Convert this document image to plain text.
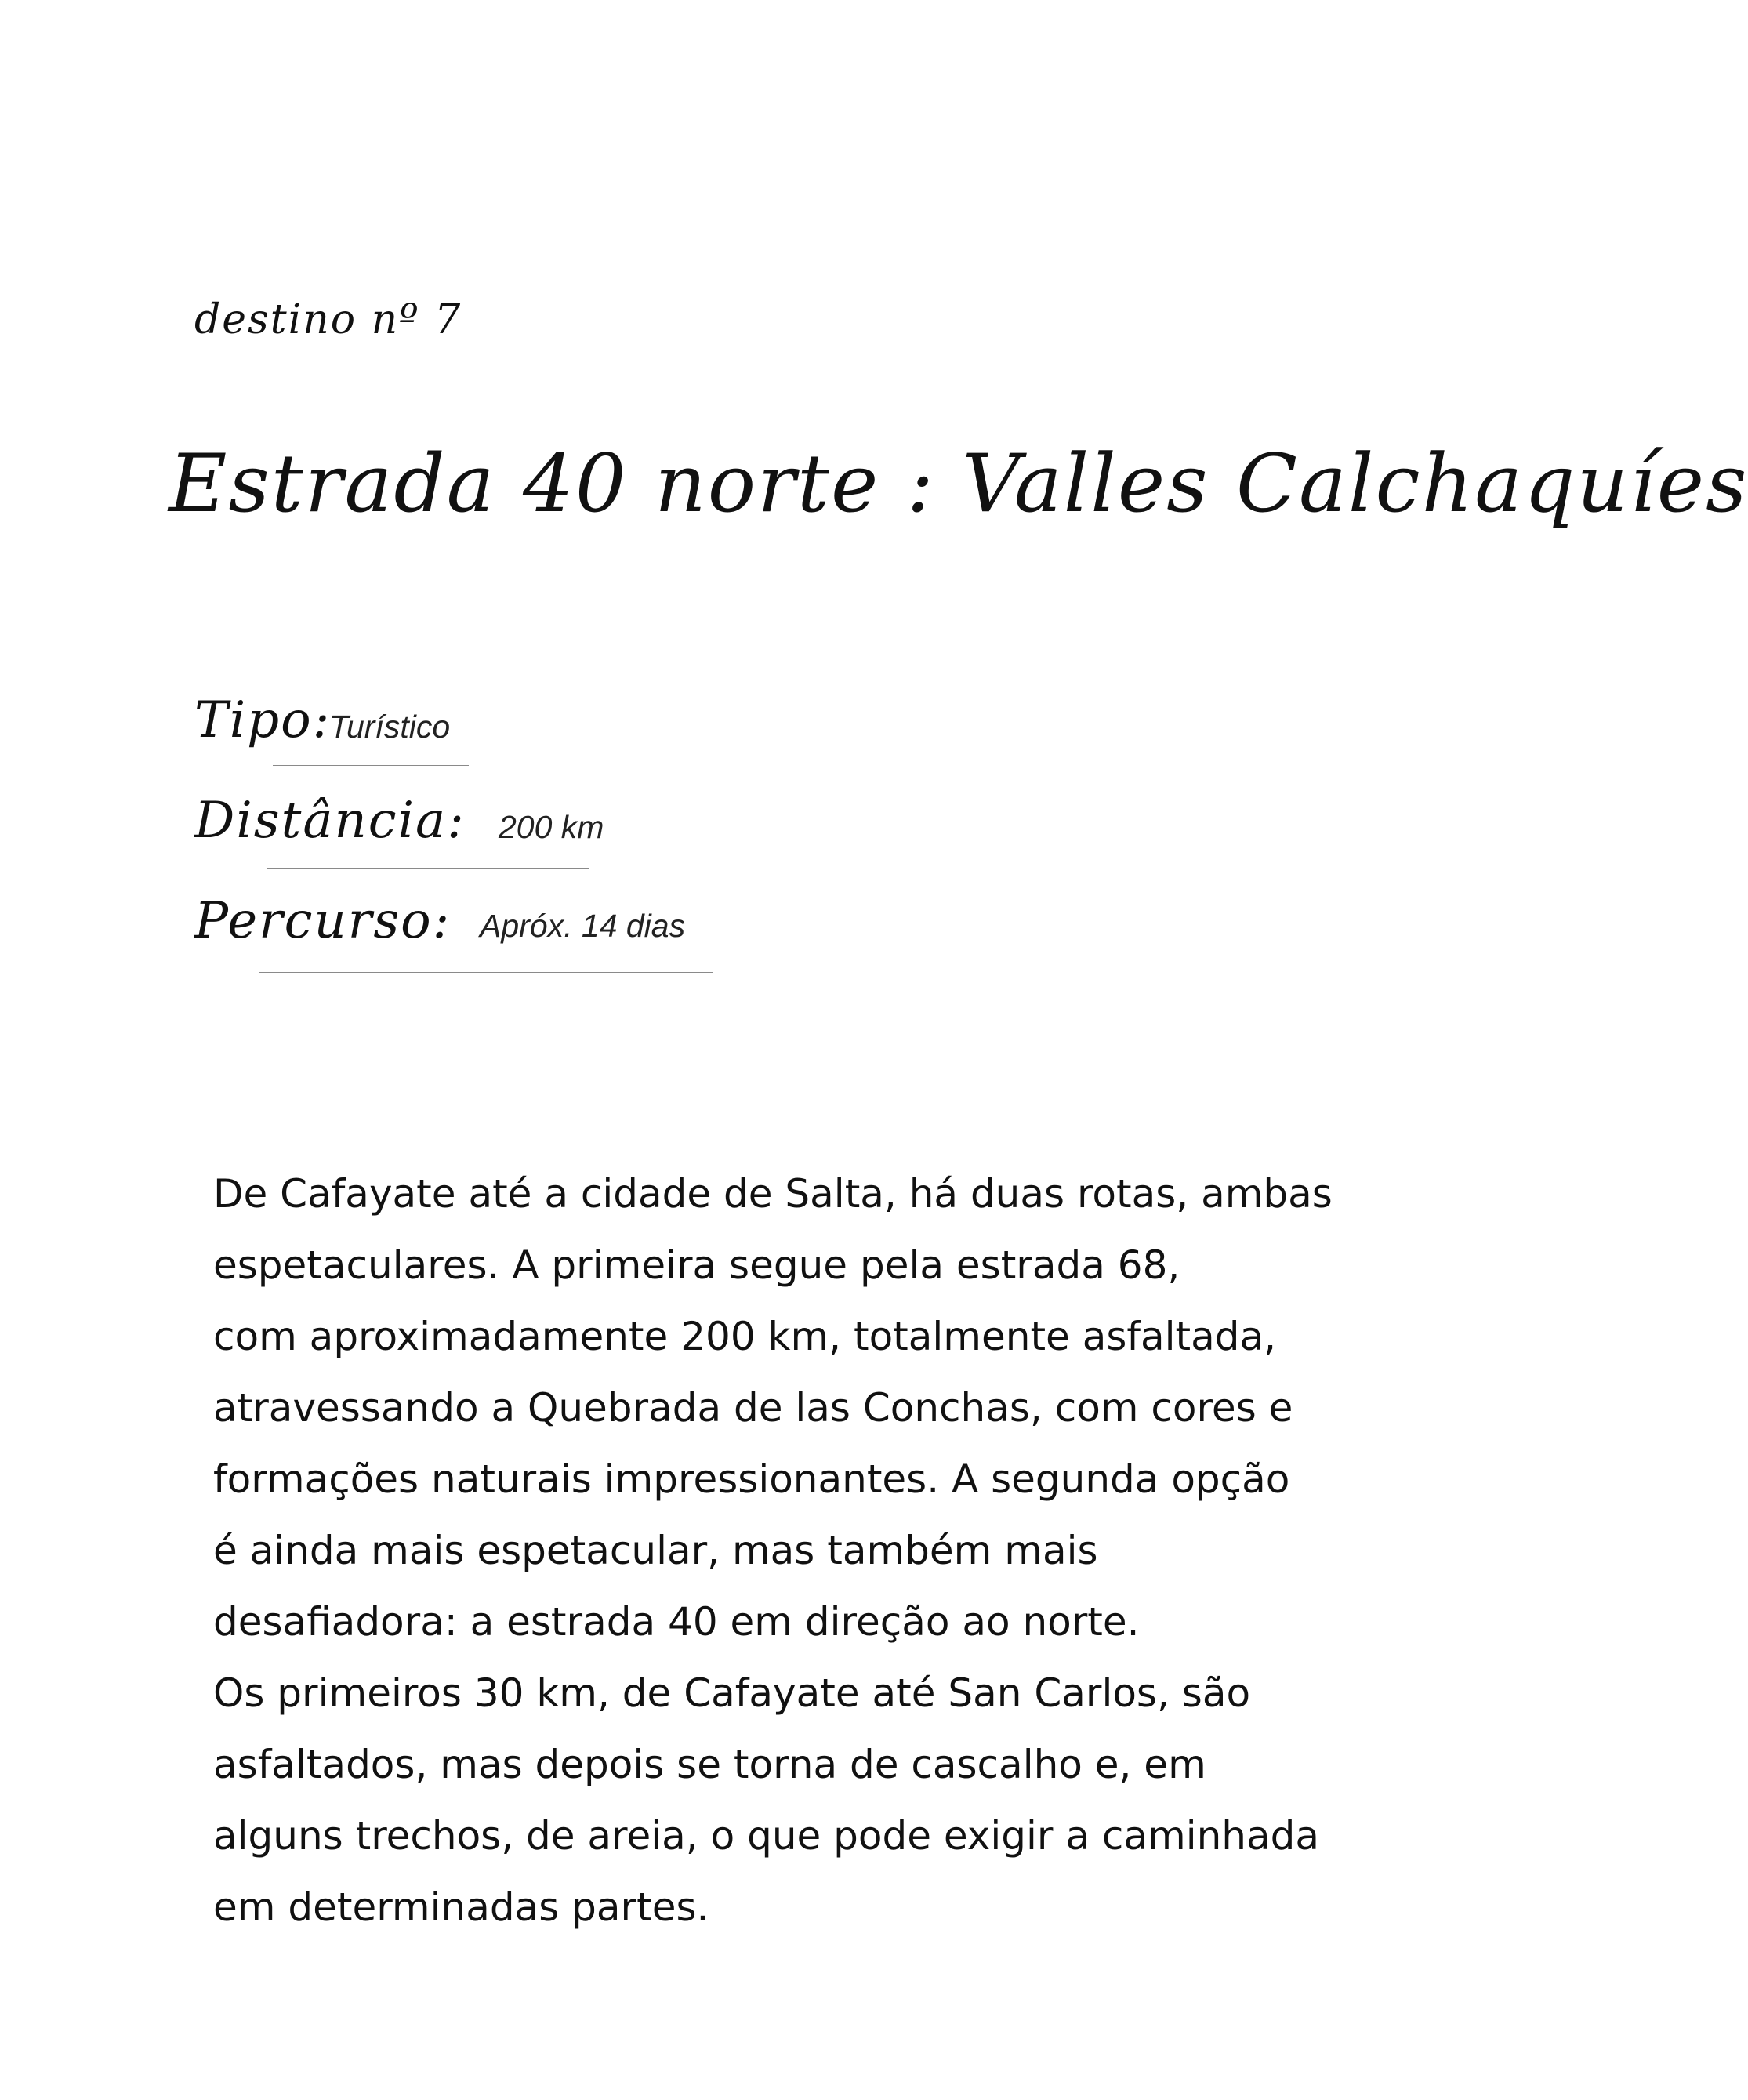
destino nº 7
Estrada 40 norte : Valles Calchaquíes
Tipo:
Turístico
Distância: 200 km
Percurso: Apróx. 14 dias
De Cafayate até a cidade de Salta, há duas rotas, ambas
espetaculares. A primeira segue pela estrada 68,
com aproximadamente 200 km, totalmente asfaltada,
atravessando a Quebrada de las Conchas, com cores e
formações naturais impressionantes. A segunda opção
é ainda mais espetacular, mas também mais
desafiadora: a estrada 40 em direção ao norte.
Os primeiros 30 km, de Cafayate até San Carlos, são
asfaltados, mas depois se torna de cascalho e, em
alguns trechos, de areia, o que pode exigir a caminhada
em determinadas partes.
